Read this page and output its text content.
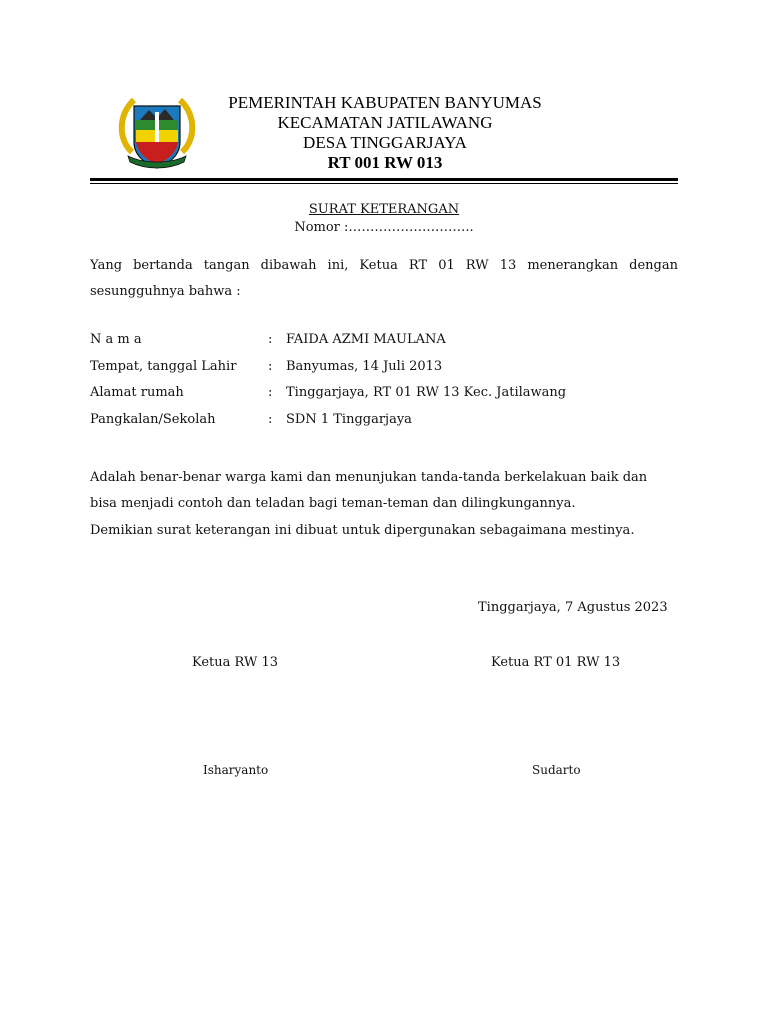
PEMERINTAH KABUPATEN BANYUMAS
KECAMATAN JATILAWANG
DESA TINGGARJAYA
RT 001 RW 013
SURAT KETERANGAN
Nomor :………………………..
Yang bertanda tangan dibawah ini, Ketua RT 01 RW 13 menerangkan dengan sesungguhnya bahwa :
N a m a	: FAIDA AZMI MAULANA
Tempat, tanggal Lahir : Banyumas, 14 Juli 2013
Alamat rumah	: Tinggarjaya, RT 01 RW 13 Kec. Jatilawang
Pangkalan/Sekolah	: SDN 1 Tinggarjaya
Adalah benar-benar warga kami dan menunjukan tanda-tanda berkelakuan baik dan bisa menjadi contoh dan teladan bagi teman-teman dan dilingkungannya.
Demikian surat keterangan ini dibuat untuk dipergunakan sebagaimana mestinya.
Tinggarjaya, 7 Agustus 2023
Ketua RW 13	Ketua RT 01 RW 13
Isharyanto	Sudarto
